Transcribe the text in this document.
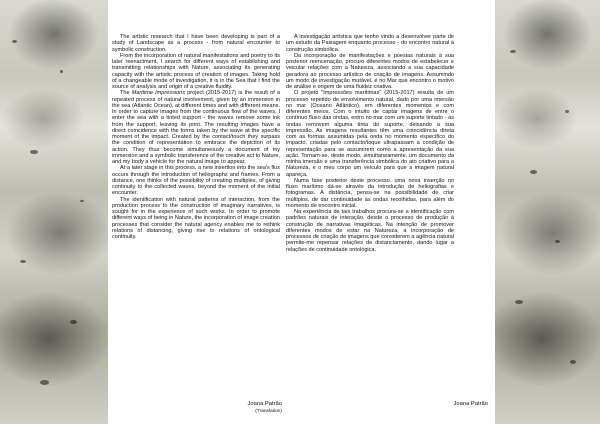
The artistic research that I have been developing is part of a study of Landscape as a process - from natural encounter to symbolic construction.

From the incorporation of natural manifestations and poetry to its later reenactment, I search for different ways of establishing and transmitting relationships with Nature, associating its generating capacity with the artistic process of creation of images. Taking hold of a changeable mode of investigation, it is in the Sea that I find the source of analysis and origin of a creative fluidity.

The Maritime Impressions project (2015-2017) is the result of a repeated process of natural involvement, given by an immersion in the sea (Atlantic Ocean), at different times and with different means. In order to capture images from the continuous flow of the waves, I enter the sea with a tinted support - the waves remove some ink from the support, leaving its print. The resulting images have a direct coincidence with the forms taken by the wave at the specific moment of the impact. Created by the contact/touch they surpass the condition of representation to embrace the depiction of its action. They thus become simultaneously a document of my immersion and a symbolic transference of the creative act to Nature, and my body a vehicle for the natural image to appear.

At a later stage in this process, a new insertion into the sea's flux occurs through the introduction of heliographs and frames. From a distance, one thinks of the possibility of creating multiples, of giving continuity to the collected waves, beyond the moment of the initial encounter.

The identification with natural patterns of interaction, from the production process to the construction of imaginary narratives, is sought for in the experience of such works. In order to promote different ways of being in Nature, the incorporation of image creation processes that consider the natural agency enables me to rethink relations of distancing, giving rise to relations of ontological continuity.

Joana Patrão
(Translation)

A investigação artística que tenho vindo a desenvolver parte de um estudo da Paisagem enquanto processo - do encontro natural à construção simbólica.

Da incorporação de manifestações e poesias naturais à sua posterior reencenação, procuro diferentes modos de estabelecer e veicular relações com a Natureza, associando a sua capacidade geradora ao processo artístico de criação de imagens. Assumindo um modo de investigação mutável, é no Mar que encontro o motivo de análise e origem de uma fluidez criativa.

O projeto "Impressões marítimas" (2015-2017) resulta de um processo repetido de envolvimento natural, dado por uma imersão no mar (Oceano Atlântico), em diferentes momentos e com diferentes meios. Com o intuito de captar imagens de entre o contínuo fluxo das ondas, entro no mar com um suporte tintado - as ondas removem alguma tinta do suporte, deixando a sua impressão. As imagens resultantes têm uma coincidência direta com as formas assumidas pela onda no momento específico do impacto, criadas pelo contacto/toque ultrapassam a condição de representação para se assumirem como a apresentação da sua ação. Tornam-se, deste modo, simultaneamente, um documento da minha imersão e uma transferência simbólica do ato criativo para a Natureza, e o meu corpo um veículo para que a imagem natural apareça.

Numa fase posterior deste processo, uma nova inserção no fluxo marítimo dá-se através da introdução de heliografias e fotogramas. À distância, pensa-se na possibilidade de criar múltiplos, de dar continuidade às ondas recolhidas, para além do momento de encontro inicial.

Na experiência de tais trabalhos procura-se a identificação com padrões naturais de interação, desde o processo de produção à construção de narrativas imagéticas. Na intenção de promover diferentes modos de estar na Natureza, a incorporação de processos de criação de imagens que considerem a agência natural permite-me repensar relações de distanciamento, dando lugar a relações de continuidade ontológica.

Joana Patrão
